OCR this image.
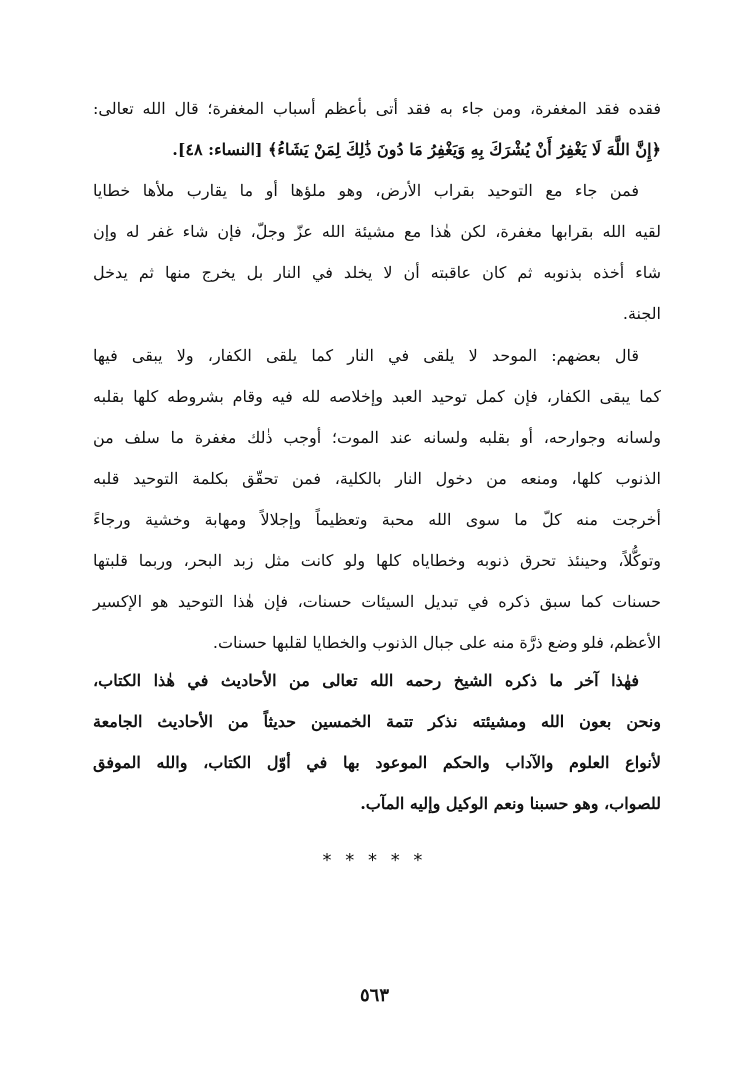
فقده فقد المغفرة، ومن جاء به فقد أتى بأعظم أسباب المغفرة؛ قال الله تعالى:
﴿إِنَّ اللَّهَ لَا يَغْفِرُ أَنْ يُشْرَكَ بِهِ وَيَغْفِرُ مَا دُونَ ذَٰلِكَ لِمَنْ يَشَاءُ﴾ [النساء: ٤٨].
فمن جاء مع التوحيد بقراب الأرض، وهو ملؤها أو ما يقارب ملأها خطايا
لقيه الله بقرابها مغفرة، لكن هٰذا مع مشيئة الله عزّ وجلّ، فإن شاء غفر له وإن
شاء أخذه بذنوبه ثم كان عاقبته أن لا يخلد في النار بل يخرج منها ثم يدخل
الجنة.
قال بعضهم: الموحد لا يلقى في النار كما يلقى الكفار، ولا يبقى فيها
كما يبقى الكفار، فإن كمل توحيد العبد وإخلاصه لله فيه وقام بشروطه كلها بقلبه
ولسانه وجوارحه، أو بقلبه ولسانه عند الموت؛ أوجب ذٰلك مغفرة ما سلف من
الذنوب كلها، ومنعه من دخول النار بالكلية، فمن تحقّق بكلمة التوحيد قلبه
أخرجت منه كلّ ما سوى الله محبة وتعظيماً وإجلالاً ومهابة وخشية ورجاءً
وتوكُّلاً، وحينئذ تحرق ذنوبه وخطاياه كلها ولو كانت مثل زبد البحر، وربما قلبتها
حسنات كما سبق ذكره في تبديل السيئات حسنات، فإن هٰذا التوحيد هو الإكسير
الأعظم، فلو وضع ذرَّة منه على جبال الذنوب والخطايا لقلبها حسنات.
فهٰذا آخر ما ذكره الشيخ رحمه الله تعالى من الأحاديث في هٰذا الكتاب،
ونحن بعون الله ومشيئته نذكر تتمة الخمسين حديثاً من الأحاديث الجامعة
لأنواع العلوم والآداب والحكم الموعود بها في أوّل الكتاب، والله الموفق
للصواب، وهو حسبنا ونعم الوكيل وإليه المآب.
* * * * *
٥٦٣
